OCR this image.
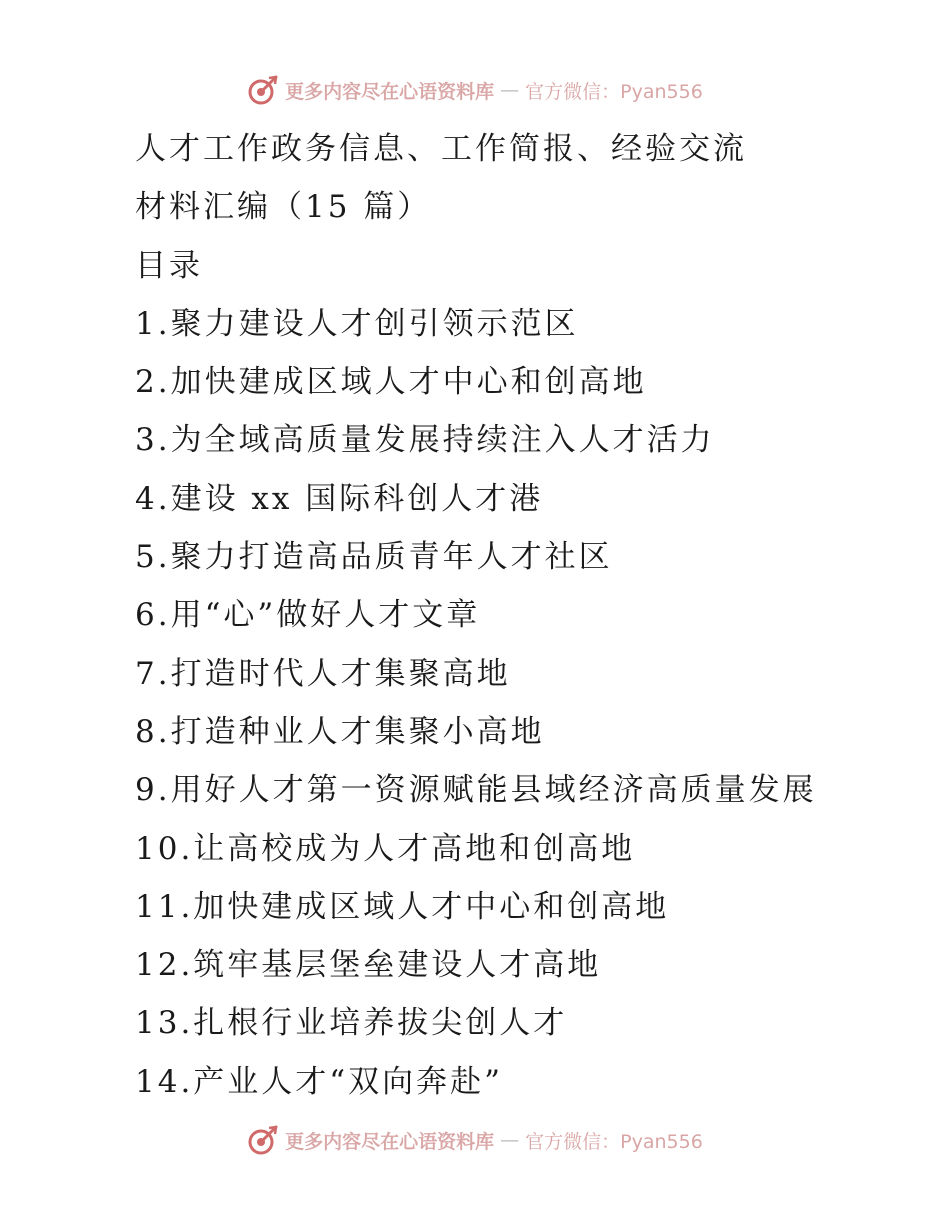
更多内容尽在心语资料库 — 官方微信：Pyan556
人才工作政务信息、工作简报、经验交流
材料汇编（15 篇）
目录
1.聚力建设人才创引领示范区
2.加快建成区域人才中心和创高地
3.为全域高质量发展持续注入人才活力
4.建设 xx 国际科创人才港
5.聚力打造高品质青年人才社区
6.用“心”做好人才文章
7.打造时代人才集聚高地
8.打造种业人才集聚小高地
9.用好人才第一资源赋能县域经济高质量发展
10.让高校成为人才高地和创高地
11.加快建成区域人才中心和创高地
12.筑牢基层堡垒建设人才高地
13.扎根行业培养拔尖创人才
14.产业人才“双向奔赴”
更多内容尽在心语资料库 — 官方微信：Pyan556
